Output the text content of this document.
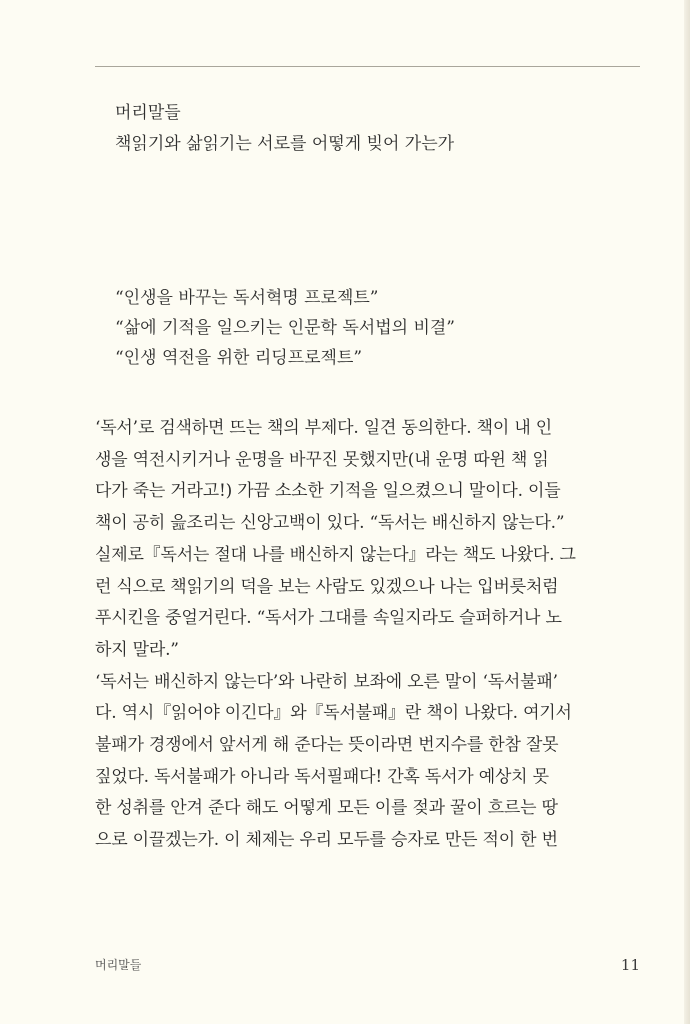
머리말들
책읽기와 삶읽기는 서로를 어떻게 빚어 가는가
“인생을 바꾸는 독서혁명 프로젝트”
“삶에 기적을 일으키는 인문학 독서법의 비결”
“인생 역전을 위한 리딩프로젝트”
‘독서’로 검색하면 뜨는 책의 부제다. 일견 동의한다. 책이 내 인
생을 역전시키거나 운명을 바꾸진 못했지만(내 운명 따윈 책 읽
다가 죽는 거라고!) 가끔 소소한 기적을 일으켰으니 말이다. 이들
책이 공히 읊조리는 신앙고백이 있다. “독서는 배신하지 않는다.”
실제로『독서는 절대 나를 배신하지 않는다』라는 책도 나왔다. 그
런 식으로 책읽기의 덕을 보는 사람도 있겠으나 나는 입버릇처럼
푸시킨을 중얼거린다. “독서가 그대를 속일지라도 슬퍼하거나 노
하지 말라.”
‘독서는 배신하지 않는다’와 나란히 보좌에 오른 말이 ‘독서불패’
다. 역시『읽어야 이긴다』와『독서불패』란 책이 나왔다. 여기서
불패가 경쟁에서 앞서게 해 준다는 뜻이라면 번지수를 한참 잘못
짚었다. 독서불패가 아니라 독서필패다! 간혹 독서가 예상치 못
한 성취를 안겨 준다 해도 어떻게 모든 이를 젖과 꿀이 흐르는 땅
으로 이끌겠는가. 이 체제는 우리 모두를 승자로 만든 적이 한 번
머리말들	11
